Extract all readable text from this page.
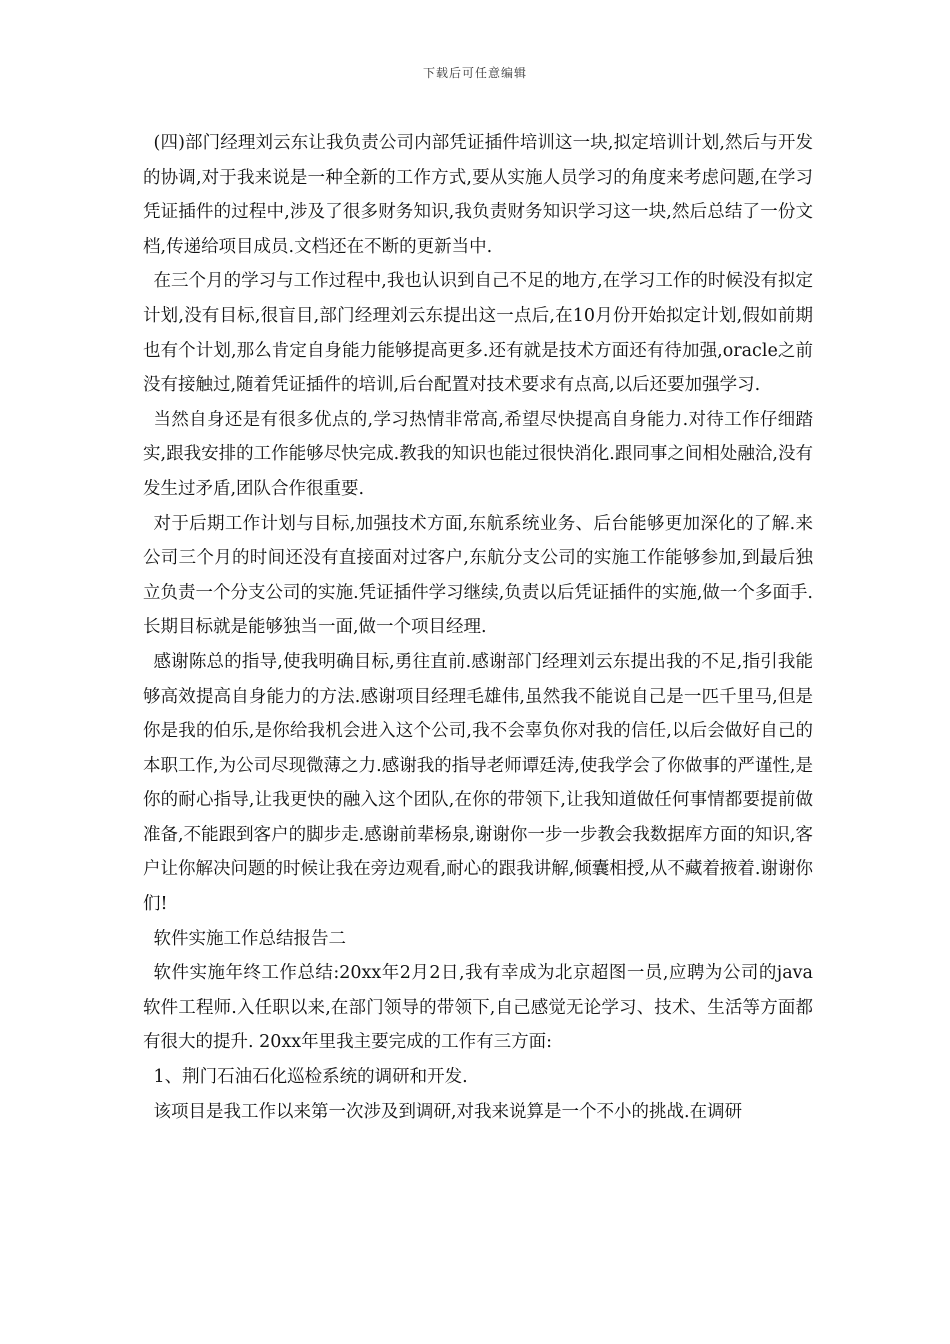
下载后可任意编辑

(四)部门经理刘云东让我负责公司内部凭证插件培训这一块,拟定培训计划,然后与开发的协调,对于我来说是一种全新的工作方式,要从实施人员学习的角度来考虑问题,在学习凭证插件的过程中,涉及了很多财务知识,我负责财务知识学习这一块,然后总结了一份文档,传递给项目成员.文档还在不断的更新当中.

在三个月的学习与工作过程中,我也认识到自己不足的地方,在学习工作的时候没有拟定计划,没有目标,很盲目,部门经理刘云东提出这一点后,在10月份开始拟定计划,假如前期也有个计划,那么肯定自身能力能够提高更多.还有就是技术方面还有待加强,oracle之前没有接触过,随着凭证插件的培训,后台配置对技术要求有点高,以后还要加强学习.

当然自身还是有很多优点的,学习热情非常高,希望尽快提高自身能力.对待工作仔细踏实,跟我安排的工作能够尽快完成.教我的知识也能过很快消化.跟同事之间相处融洽,没有发生过矛盾,团队合作很重要.

对于后期工作计划与目标,加强技术方面,东航系统业务、后台能够更加深化的了解.来公司三个月的时间还没有直接面对过客户,东航分支公司的实施工作能够参加,到最后独立负责一个分支公司的实施.凭证插件学习继续,负责以后凭证插件的实施,做一个多面手.长期目标就是能够独当一面,做一个项目经理.

感谢陈总的指导,使我明确目标,勇往直前.感谢部门经理刘云东提出我的不足,指引我能够高效提高自身能力的方法.感谢项目经理毛雄伟,虽然我不能说自己是一匹千里马,但是你是我的伯乐,是你给我机会进入这个公司,我不会辜负你对我的信任,以后会做好自己的本职工作,为公司尽现微薄之力.感谢我的指导老师谭廷涛,使我学会了你做事的严谨性,是你的耐心指导,让我更快的融入这个团队,在你的带领下,让我知道做任何事情都要提前做准备,不能跟到客户的脚步走.感谢前辈杨泉,谢谢你一步一步教会我数据库方面的知识,客户让你解决问题的时候让我在旁边观看,耐心的跟我讲解,倾囊相授,从不藏着掖着.谢谢你们!

软件实施工作总结报告二

软件实施年终工作总结:20xx年2月2日,我有幸成为北京超图一员,应聘为公司的java软件工程师.入任职以来,在部门领导的带领下,自己感觉无论学习、技术、生活等方面都有很大的提升. 20xx年里我主要完成的工作有三方面:

1、荆门石油石化巡检系统的调研和开发.

该项目是我工作以来第一次涉及到调研,对我来说算是一个不小的挑战.在调研
